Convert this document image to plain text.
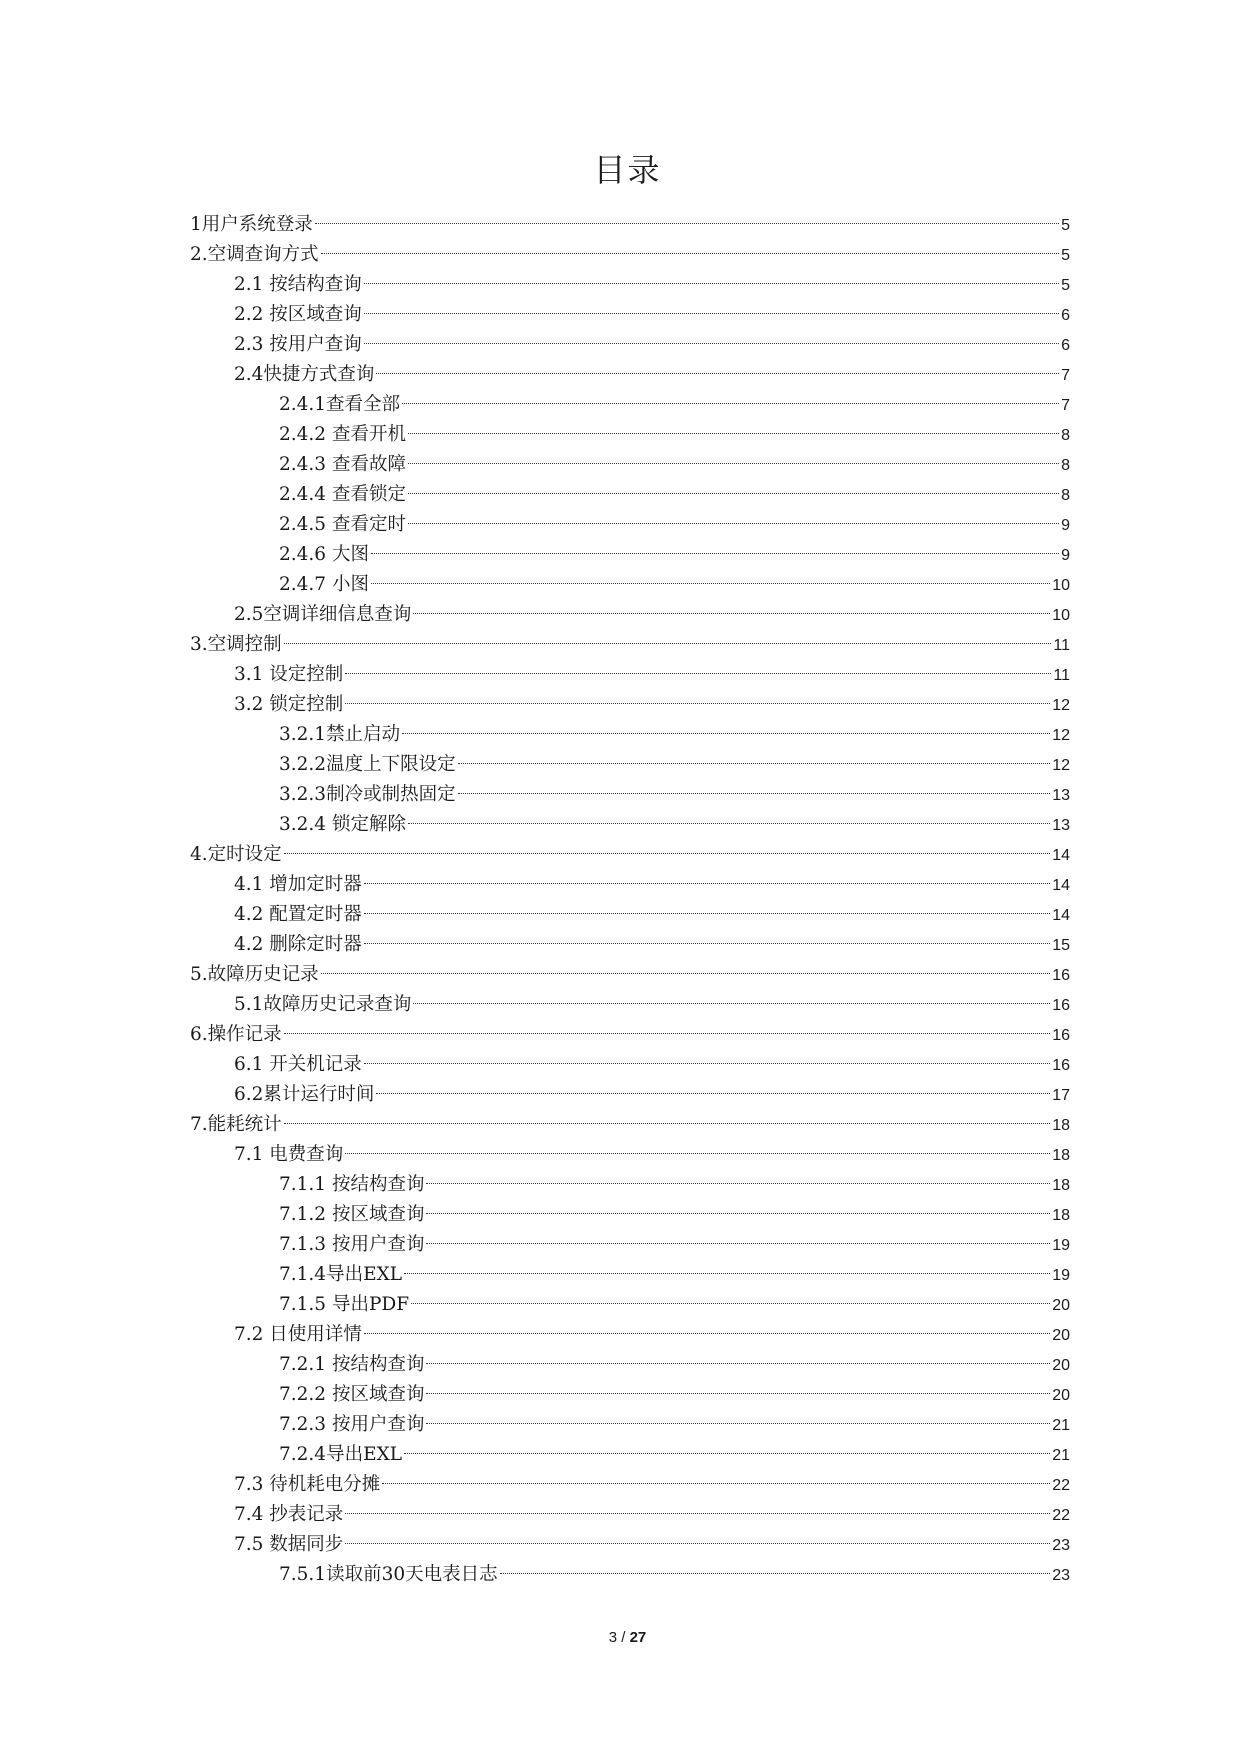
目录
1用户系统登录	5
2.空调查询方式	5
2.1 按结构查询	5
2.2 按区域查询	6
2.3 按用户查询	6
2.4快捷方式查询	7
2.4.1查看全部	7
2.4.2 查看开机	8
2.4.3 查看故障	8
2.4.4 查看锁定	8
2.4.5 查看定时	9
2.4.6 大图	9
2.4.7 小图	10
2.5空调详细信息查询	10
3.空调控制	11
3.1 设定控制	11
3.2 锁定控制	12
3.2.1禁止启动	12
3.2.2温度上下限设定	12
3.2.3制冷或制热固定	13
3.2.4 锁定解除	13
4.定时设定	14
4.1 增加定时器	14
4.2 配置定时器	14
4.2 删除定时器	15
5.故障历史记录	16
5.1故障历史记录查询	16
6.操作记录	16
6.1 开关机记录	16
6.2累计运行时间	17
7.能耗统计	18
7.1 电费查询	18
7.1.1 按结构查询	18
7.1.2 按区域查询	18
7.1.3 按用户查询	19
7.1.4导出EXL	19
7.1.5 导出PDF	20
7.2 日使用详情	20
7.2.1 按结构查询	20
7.2.2 按区域查询	20
7.2.3 按用户查询	21
7.2.4导出EXL	21
7.3 待机耗电分摊	22
7.4 抄表记录	22
7.5 数据同步	23
7.5.1读取前30天电表日志	23
3 / 27
